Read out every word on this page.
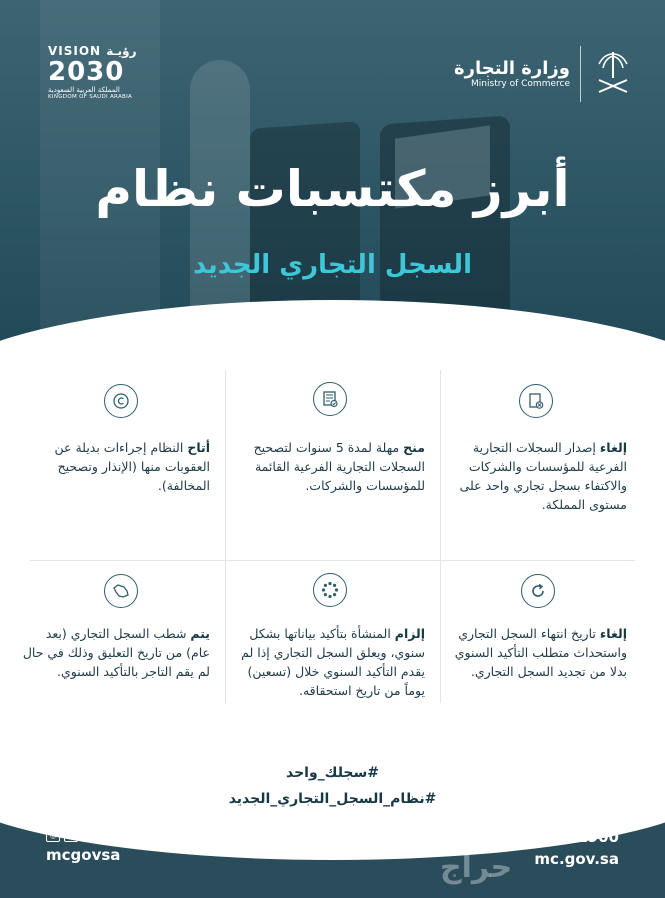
VISION رؤيـة
2030
المملكة العربية السعودية
KINGDOM OF SAUDI ARABIA
وزارة التجارة
Ministry of Commerce
أبرز مكتسبات نظام
السجل التجاري الجديد
إلغاء إصدار السجلات التجارية الفرعية للمؤسسات والشركات والاكتفاء بسجل تجاري واحد على مستوى المملكة.
منح مهلة لمدة 5 سنوات لتصحيح السجلات التجارية الفرعية القائمة للمؤسسات والشركات.
أتاح النظام إجراءات بديلة عن العقوبات منها (الإنذار وتصحيح المخالفة).
إلغاء تاريخ انتهاء السجل التجاري واستحداث متطلب التأكيد السنوي بدلا من تجديد السجل التجاري.
إلزام المنشأة بتأكيد بياناتها بشكل سنوي، ويعلق السجل التجاري إذا لم يقدم التأكيد السنوي خلال (تسعين) يوماً من تاريخ استحقاقه.
يتم شطب السجل التجاري (بعد عام) من تاريخ التعليق وذلك في حال لم يقم التاجر بالتأكيد السنوي.
#سجلك_واحد
#نظام_السجل_التجاري_الجديد
◎	X	f	▶
mcgovsa
☎ 1900
mc.gov.sa
حراج
